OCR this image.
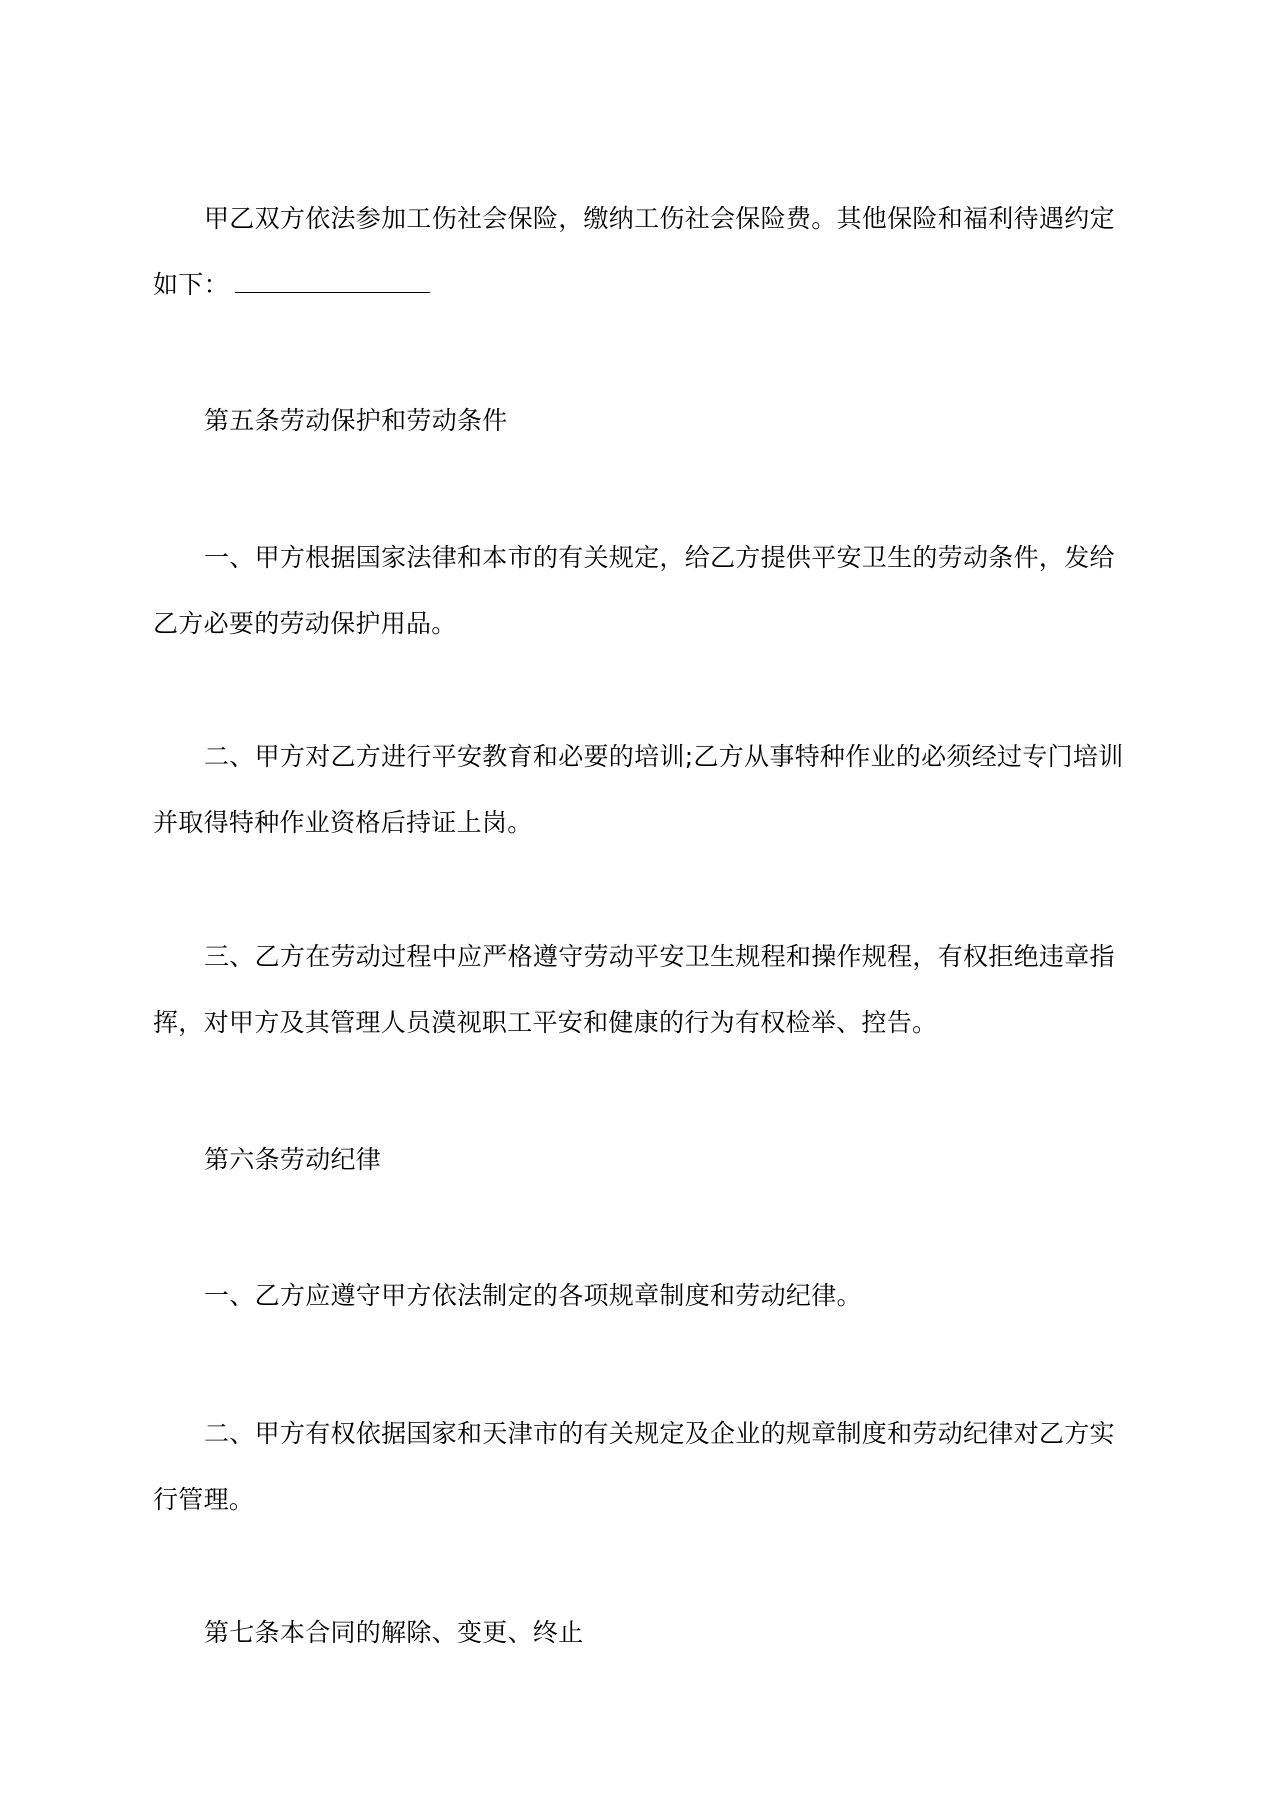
甲乙双方依法参加工伤社会保险，缴纳工伤社会保险费。其他保险和福利待遇约定

如下：

第五条劳动保护和劳动条件

一、甲方根据国家法律和本市的有关规定，给乙方提供平安卫生的劳动条件，发给乙方必要的劳动保护用品。

二、甲方对乙方进行平安教育和必要的培训;乙方从事特种作业的必须经过专门培训并取得特种作业资格后持证上岗。

三、乙方在劳动过程中应严格遵守劳动平安卫生规程和操作规程，有权拒绝违章指挥，对甲方及其管理人员漠视职工平安和健康的行为有权检举、控告。

第六条劳动纪律

一、乙方应遵守甲方依法制定的各项规章制度和劳动纪律。

二、甲方有权依据国家和天津市的有关规定及企业的规章制度和劳动纪律对乙方实行管理。

第七条本合同的解除、变更、终止
